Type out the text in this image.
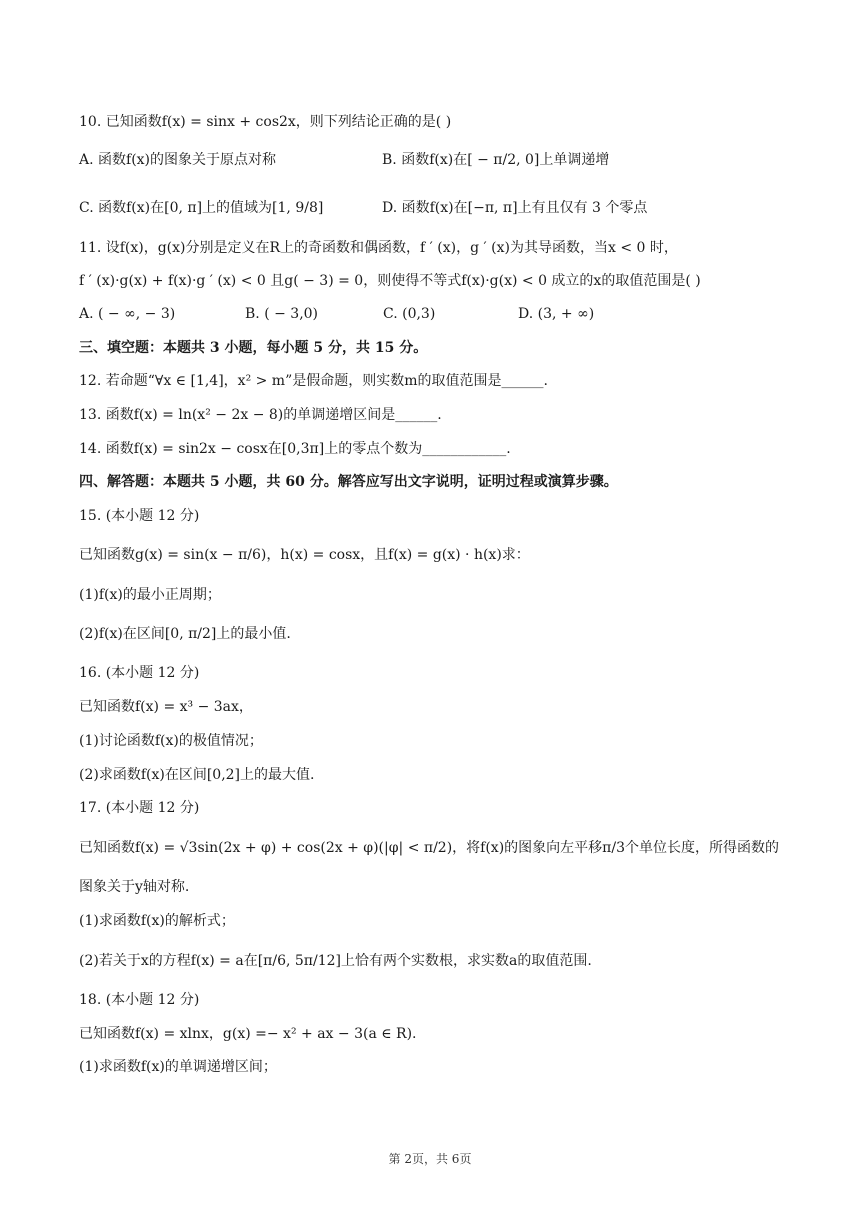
10. 已知函数f(x) = sinx + cos2x，则下列结论正确的是( )
A. 函数f(x)的图象关于原点对称	B. 函数f(x)在[ − π/2, 0]上单调递增
C. 函数f(x)在[0, π]上的值域为[1, 9/8]	D. 函数f(x)在[−π, π]上有且仅有 3 个零点
11. 设f(x)，g(x)分别是定义在R上的奇函数和偶函数，f ′ (x)，g ′ (x)为其导函数，当x < 0 时，
f ′ (x)·g(x) + f(x)·g ′ (x) < 0 且g( − 3) = 0，则使得不等式f(x)·g(x) < 0 成立的x的取值范围是( )
A. ( − ∞, − 3)	B. ( − 3,0)	C. (0,3)	D. (3, + ∞)
三、填空题：本题共 3 小题，每小题 5 分，共 15 分。
12. 若命题“∀x ∈ [1,4]，x² > m”是假命题，则实数m的取值范围是______.
13. 函数f(x) = ln(x² − 2x − 8)的单调递增区间是______.
14. 函数f(x) = sin2x − cosx在[0,3π]上的零点个数为____________.
四、解答题：本题共 5 小题，共 60 分。解答应写出文字说明，证明过程或演算步骤。
15. (本小题 12 分)
已知函数g(x) = sin(x − π/6)，h(x) = cosx，且f(x) = g(x) · h(x)求：
(1)f(x)的最小正周期；
(2)f(x)在区间[0, π/2]上的最小值.
16. (本小题 12 分)
已知函数f(x) = x³ − 3ax，
(1)讨论函数f(x)的极值情况；
(2)求函数f(x)在区间[0,2]上的最大值.
17. (本小题 12 分)
已知函数f(x) = √3sin(2x + φ) + cos(2x + φ)(|φ| < π/2)，将f(x)的图象向左平移π/3个单位长度，所得函数的
图象关于y轴对称.
(1)求函数f(x)的解析式；
(2)若关于x的方程f(x) = a在[π/6, 5π/12]上恰有两个实数根，求实数a的取值范围.
18. (本小题 12 分)
已知函数f(x) = xlnx，g(x) =− x² + ax − 3(a ∈ R).
(1)求函数f(x)的单调递增区间；
第 2页，共 6页
